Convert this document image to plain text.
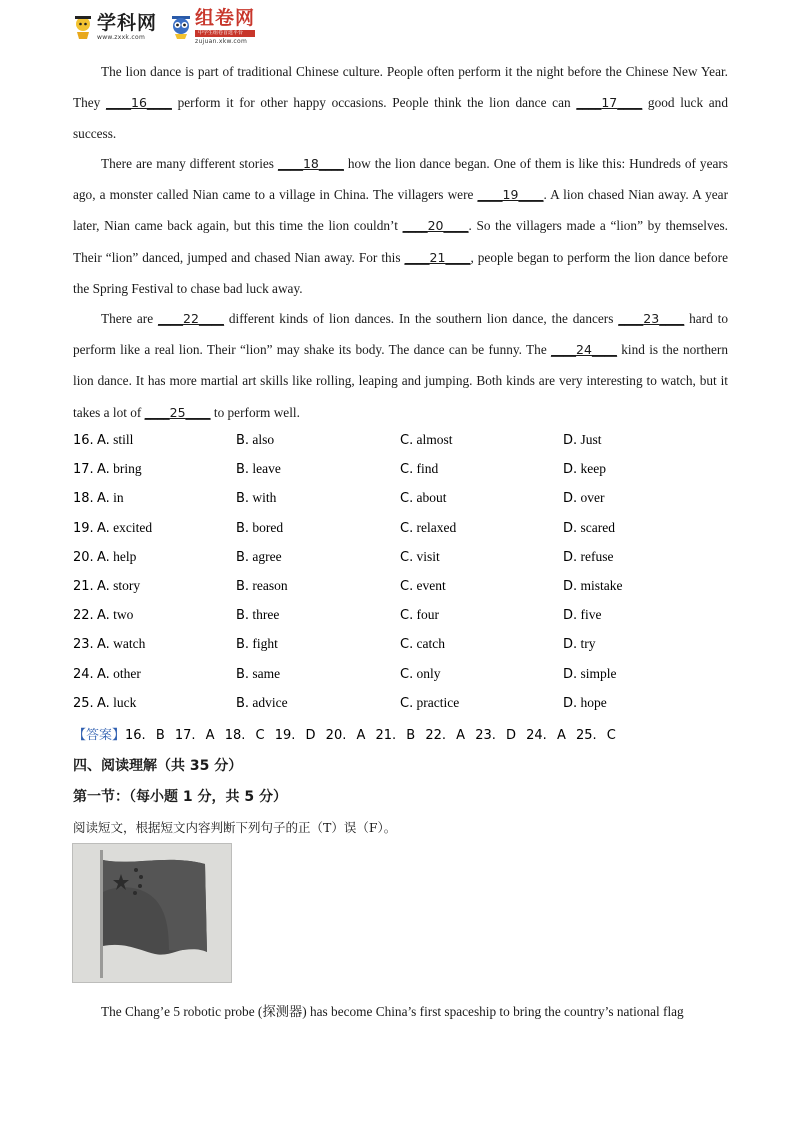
学科网
www.zxxk.com
组卷网
中学生组卷首选平台
zujuan.xkw.com

The lion dance is part of traditional Chinese culture. People often perform it the night before the Chinese New Year. They ____16____ perform it for other happy occasions. People think the lion dance can ____17____ good luck and success.

There are many different stories ____18____ how the lion dance began. One of them is like this: Hundreds of years ago, a monster called Nian came to a village in China. The villagers were ____19____. A lion chased Nian away. A year later, Nian came back again, but this time the lion couldn’t ____20____. So the villagers made a “lion” by themselves. Their “lion” danced, jumped and chased Nian away. For this ____21____, people began to perform the lion dance before the Spring Festival to chase bad luck away.

There are ____22____ different kinds of lion dances. In the southern lion dance, the dancers ____23____ hard to perform like a real lion. Their “lion” may shake its body. The dance can be funny. The ____24____ kind is the northern lion dance. It has more martial art skills like rolling, leaping and jumping. Both kinds are very interesting to watch, but it takes a lot of ____25____ to perform well.

16. A. still	B. also	C. almost	D. Just
17. A. bring	B. leave	C. find	D. keep
18. A. in	B. with	C. about	D. over
19. A. excited	B. bored	C. relaxed	D. scared
20. A. help	B. agree	C. visit	D. refuse
21. A. story	B. reason	C. event	D. mistake
22. A. two	B. three	C. four	D. five
23. A. watch	B. fight	C. catch	D. try
24. A. other	B. same	C. only	D. simple
25. A. luck	B. advice	C. practice	D. hope
【答案】16. B 17. A 18. C 19. D 20. A 21. B 22. A 23. D 24. A 25. C
四、阅读理解（共 35 分）
第一节：（每小题 1 分，共 5 分）
阅读短文，根据短文内容判断下列句子的正（T）误（F）。

The Chang’e 5 robotic probe (探测器) has become China’s first spaceship to bring the country’s national flag
